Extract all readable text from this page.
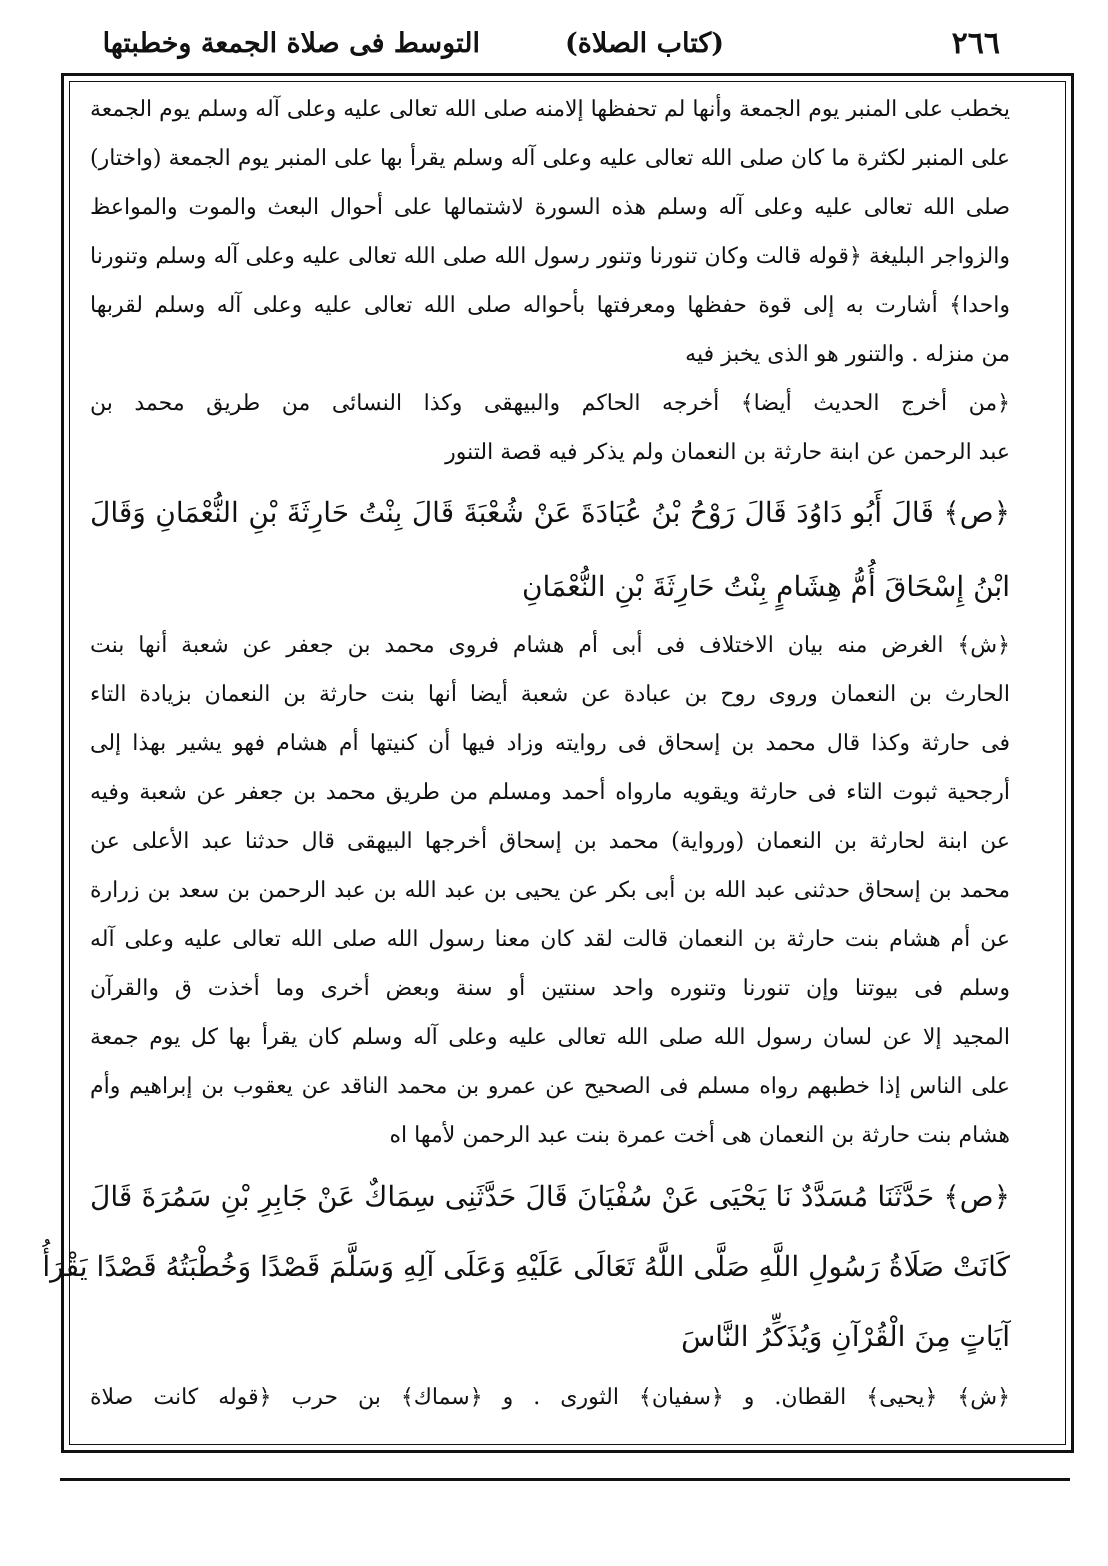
٢٦٦
(كتاب الصلاة)
التوسط فى صلاة الجمعة وخطبتها
يخطب على المنبر يوم الجمعة وأنها لم تحفظها إلامنه صلى الله تعالى عليه وعلى آله وسلم يوم الجمعة
على المنبر لكثرة ما كان صلى الله تعالى عليه وعلى آله وسلم يقرأ بها على المنبر يوم الجمعة (واختار)
صلى الله تعالى عليه وعلى آله وسلم هذه السورة لاشتمالها على أحوال البعث والموت والمواعظ
والزواجر البليغة ﴿قوله قالت وكان تنورنا وتنور رسول الله صلى الله تعالى عليه وعلى آله وسلم وتنورنا
واحدا﴾ أشارت به إلى قوة حفظها ومعرفتها بأحواله صلى الله تعالى عليه وعلى آله وسلم لقربها
من منزله . والتنور هو الذى يخبز فيه
﴿من أخرج الحديث أيضا﴾ أخرجه الحاكم والبيهقى وكذا النسائى من طريق محمد بن
عبد الرحمن عن ابنة حارثة بن النعمان ولم يذكر فيه قصة التنور
﴿ص﴾ قَالَ أَبُو دَاوُدَ قَالَ رَوْحُ بْنُ عُبَادَةَ عَنْ شُعْبَةَ قَالَ بِنْتُ حَارِثَةَ بْنِ النُّعْمَانِ وَقَالَ
ابْنُ إِسْحَاقَ أُمُّ هِشَامٍ بِنْتُ حَارِثَةَ بْنِ النُّعْمَانِ
﴿ش﴾ الغرض منه بيان الاختلاف فى أبى أم هشام فروى محمد بن جعفر عن شعبة أنها بنت
الحارث بن النعمان وروى روح بن عبادة عن شعبة أيضا أنها بنت حارثة بن النعمان بزيادة التاء
فى حارثة وكذا قال محمد بن إسحاق فى روايته وزاد فيها أن كنيتها أم هشام فهو يشير بهذا إلى
أرجحية ثبوت التاء فى حارثة ويقويه مارواه أحمد ومسلم من طريق محمد بن جعفر عن شعبة وفيه
عن ابنة لحارثة بن النعمان (ورواية) محمد بن إسحاق أخرجها البيهقى قال حدثنا عبد الأعلى عن
محمد بن إسحاق حدثنى عبد الله بن أبى بكر عن يحيى بن عبد الله بن عبد الرحمن بن سعد بن زرارة
عن أم هشام بنت حارثة بن النعمان قالت لقد كان معنا رسول الله صلى الله تعالى عليه وعلى آله
وسلم فى بيوتنا وإن تنورنا وتنوره واحد سنتين أو سنة وبعض أخرى وما أخذت ق والقرآن
المجيد إلا عن لسان رسول الله صلى الله تعالى عليه وعلى آله وسلم كان يقرأ بها كل يوم جمعة
على الناس إذا خطبهم رواه مسلم فى الصحيح عن عمرو بن محمد الناقد عن يعقوب بن إبراهيم وأم
هشام بنت حارثة بن النعمان هى أخت عمرة بنت عبد الرحمن لأمها اه
﴿ص﴾ حَدَّثَنَا مُسَدَّدٌ نَا يَحْيَى عَنْ سُفْيَانَ قَالَ حَدَّثَنِى سِمَاكٌ عَنْ جَابِرِ بْنِ سَمُرَةَ قَالَ
كَانَتْ صَلَاةُ رَسُولِ اللَّهِ صَلَّى اللَّهُ تَعَالَى عَلَيْهِ وَعَلَى آلِهِ وَسَلَّمَ قَصْدًا وَخُطْبَتُهُ قَصْدًا يَقْرَأُ
آيَاتٍ مِنَ الْقُرْآنِ وَيُذَكِّرُ النَّاسَ
﴿ش﴾ ﴿يحيى﴾ القطان. و ﴿سفيان﴾ الثورى . و ﴿سماك﴾ بن حرب ﴿قوله كانت صلاة
